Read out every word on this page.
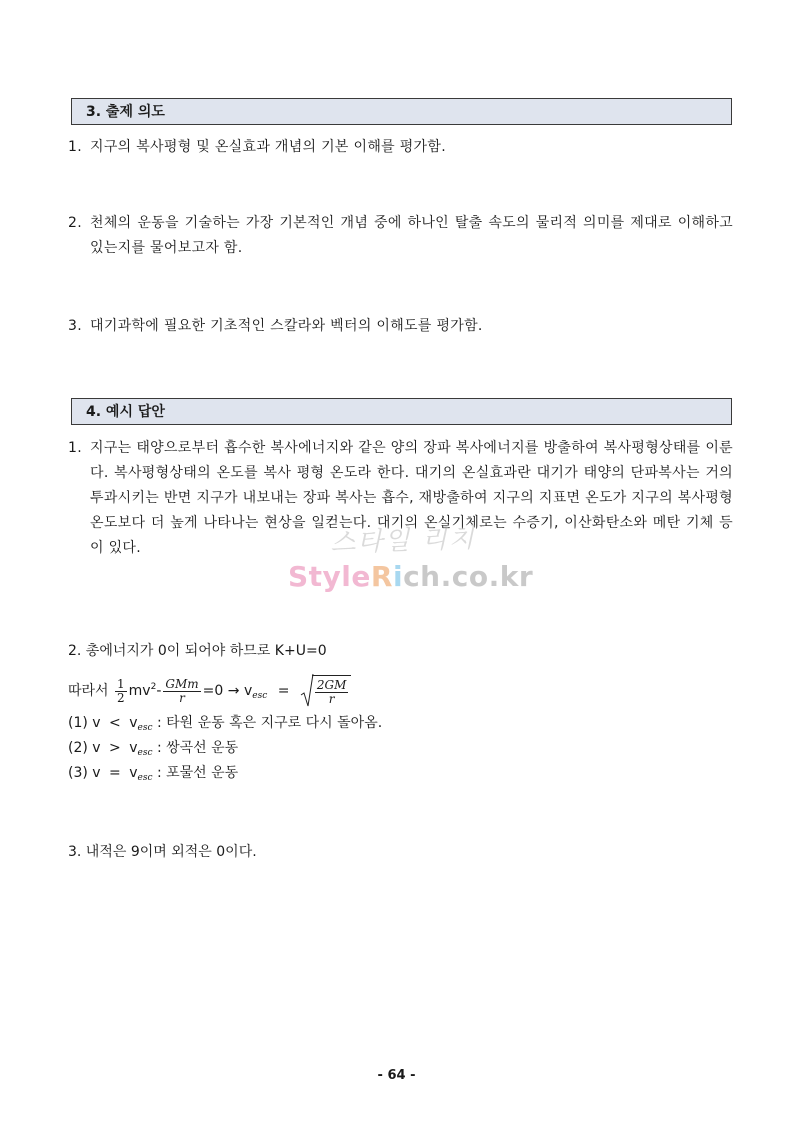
3. 출제 의도
1. 지구의 복사평형 및 온실효과 개념의 기본 이해를 평가함.
2. 천체의 운동을 기술하는 가장 기본적인 개념 중에 하나인 탈출 속도의 물리적 의미를 제대로 이해하고 있는지를 물어보고자 함.
3. 대기과학에 필요한 기초적인 스칼라와 벡터의 이해도를 평가함.
4. 예시 답안
1. 지구는 태양으로부터 흡수한 복사에너지와 같은 양의 장파 복사에너지를 방출하여 복사평형상태를 이룬다. 복사평형상태의 온도를 복사 평형 온도라 한다. 대기의 온실효과란 대기가 태양의 단파복사는 거의 투과시키는 반면 지구가 내보내는 장파 복사는 흡수, 재방출하여 지구의 지표면 온도가 지구의 복사평형 온도보다 더 높게 나타나는 현상을 일컫는다. 대기의 온실기체로는 수증기, 이산화탄소와 메탄 기체 등이 있다.	스타일 리치
StyleRich.co.kr
2. 총에너지가 0이 되어야 하므로 K+U=0
따라서 $\frac{1}{2} mv^2- \frac{\text{GMm}}{r} =0 \to v_{esc} = \frac{2GM}{r}$
(1) $v < v_{esc}$ : 타원 운동 혹은 지구로 다시 돌아옴.
(2) $v > v_{esc}$ : 쌍곡선 운동
(3) $v = v_{esc}$ : 포물선 운동
3. 내적은 9이며 외적은 0이다.
- 64 -
